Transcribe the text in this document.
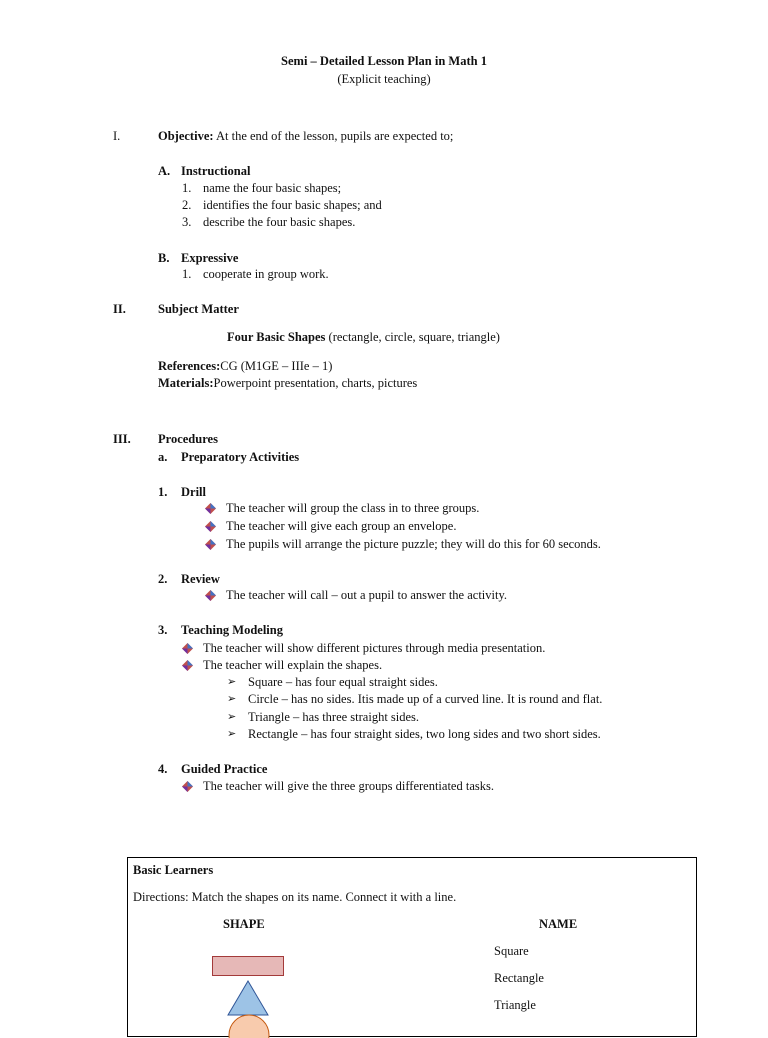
Semi – Detailed Lesson Plan in Math 1
(Explicit teaching)
I.	Objective: At the end of the lesson, pupils are expected to;
A. Instructional
1. name the four basic shapes;
2. identifies the four basic shapes; and
3. describe the four basic shapes.
B. Expressive
1. cooperate in group work.
II.	Subject Matter
Four Basic Shapes (rectangle, circle, square, triangle)
References:CG (M1GE – IIIe – 1)
Materials:Powerpoint presentation, charts, pictures
III. Procedures
a. Preparatory Activities
1. Drill
The teacher will group the class in to three groups.
The teacher will give each group an envelope.
The pupils will arrange the picture puzzle; they will do this for 60 seconds.
2. Review
The teacher will call – out a pupil to answer the activity.
3. Teaching Modeling
The teacher will show different pictures through media presentation.
The teacher will explain the shapes.
➢ Square – has four equal straight sides.
➢ Circle – has no sides. Itis made up of a curved line. It is round and flat.
➢ Triangle – has three straight sides.
➢ Rectangle – has four straight sides, two long sides and two short sides.
4. Guided Practice
The teacher will give the three groups differentiated tasks.
Basic Learners
Directions: Match the shapes on its name. Connect it with a line.
SHAPE	NAME
Square
Rectangle
Triangle
